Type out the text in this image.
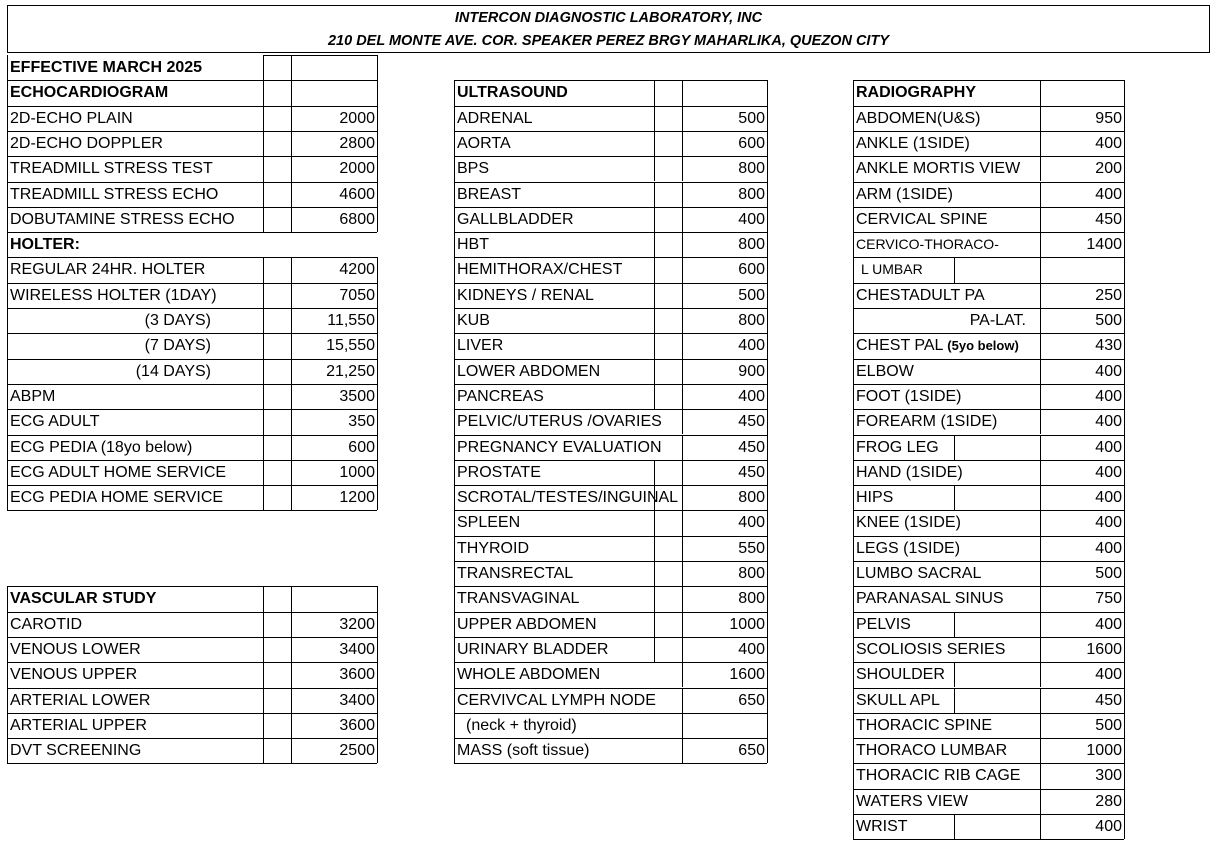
INTERCON DIAGNOSTIC LABORATORY, INC
210 DEL MONTE AVE. COR. SPEAKER PEREZ BRGY MAHARLIKA, QUEZON CITY
EFFECTIVE MARCH 2025
ECHOCARDIOGRAM
2D-ECHO PLAIN	2000
2D-ECHO DOPPLER	2800
TREADMILL STRESS TEST	2000
TREADMILL STRESS ECHO	4600
DOBUTAMINE STRESS ECHO	6800
HOLTER:
REGULAR 24HR. HOLTER	4200
WIRELESS HOLTER (1DAY)	7050
(3 DAYS)	11,550
(7 DAYS)	15,550
(14 DAYS)	21,250
ABPM	3500
ECG ADULT	350
ECG PEDIA (18yo below)	600
ECG ADULT HOME SERVICE	1000
ECG PEDIA HOME SERVICE	1200
VASCULAR STUDY
CAROTID	3200
VENOUS LOWER	3400
VENOUS UPPER	3600
ARTERIAL LOWER	3400
ARTERIAL UPPER	3600
DVT SCREENING	2500
ULTRASOUND
ADRENAL	500
AORTA	600
BPS	800
BREAST	800
GALLBLADDER	400
HBT	800
HEMITHORAX/CHEST	600
KIDNEYS / RENAL	500
KUB	800
LIVER	400
LOWER ABDOMEN	900
PANCREAS	400
PELVIC/UTERUS /OVARIES	450
PREGNANCY EVALUATION	450
PROSTATE	450
SCROTAL/TESTES/INGUINAL	800
SPLEEN	400
THYROID	550
TRANSRECTAL	800
TRANSVAGINAL	800
UPPER ABDOMEN	1000
URINARY BLADDER	400
WHOLE ABDOMEN	1600
CERVIVCAL LYMPH NODE	650
(neck + thyroid)
MASS (soft tissue)	650
RADIOGRAPHY
ABDOMEN(U&S)	950
ANKLE (1SIDE)	400
ANKLE MORTIS VIEW	200
ARM (1SIDE)	400
CERVICAL SPINE	450
CERVICO-THORACO-	1400
L UMBAR
CHESTADULT PA	250
PA-LAT.	500
CHEST PAL (5yo below)	430
ELBOW	400
FOOT (1SIDE)	400
FOREARM (1SIDE)	400
FROG LEG	400
HAND (1SIDE)	400
HIPS	400
KNEE (1SIDE)	400
LEGS (1SIDE)	400
LUMBO SACRAL	500
PARANASAL SINUS	750
PELVIS	400
SCOLIOSIS SERIES	1600
SHOULDER	400
SKULL APL	450
THORACIC SPINE	500
THORACO LUMBAR	1000
THORACIC RIB CAGE	300
WATERS VIEW	280
WRIST	400
